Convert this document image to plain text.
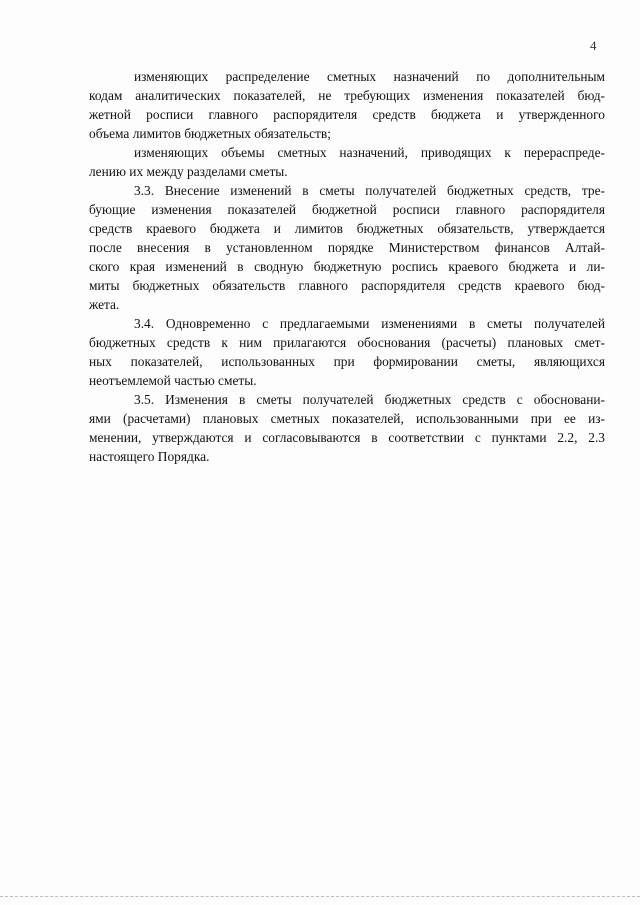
4
изменяющих распределение сметных назначений по дополнительным
кодам аналитических показателей, не требующих изменения показателей бюд-
жетной росписи главного распорядителя средств бюджета и утвержденного
объема лимитов бюджетных обязательств;
изменяющих объемы сметных назначений, приводящих к перераспреде-
лению их между разделами сметы.
3.3. Внесение изменений в сметы получателей бюджетных средств, тре-
бующие изменения показателей бюджетной росписи главного распорядителя
средств краевого бюджета и лимитов бюджетных обязательств, утверждается
после внесения в установленном порядке Министерством финансов Алтай-
ского края изменений в сводную бюджетную роспись краевого бюджета и ли-
миты бюджетных обязательств главного распорядителя средств краевого бюд-
жета.
3.4. Одновременно с предлагаемыми изменениями в сметы получателей
бюджетных средств к ним прилагаются обоснования (расчеты) плановых смет-
ных показателей, использованных при формировании сметы, являющихся
неотъемлемой частью сметы.
3.5. Изменения в сметы получателей бюджетных средств с обосновани-
ями (расчетами) плановых сметных показателей, использованными при ее из-
менении, утверждаются и согласовываются в соответствии с пунктами 2.2, 2.3
настоящего Порядка.
